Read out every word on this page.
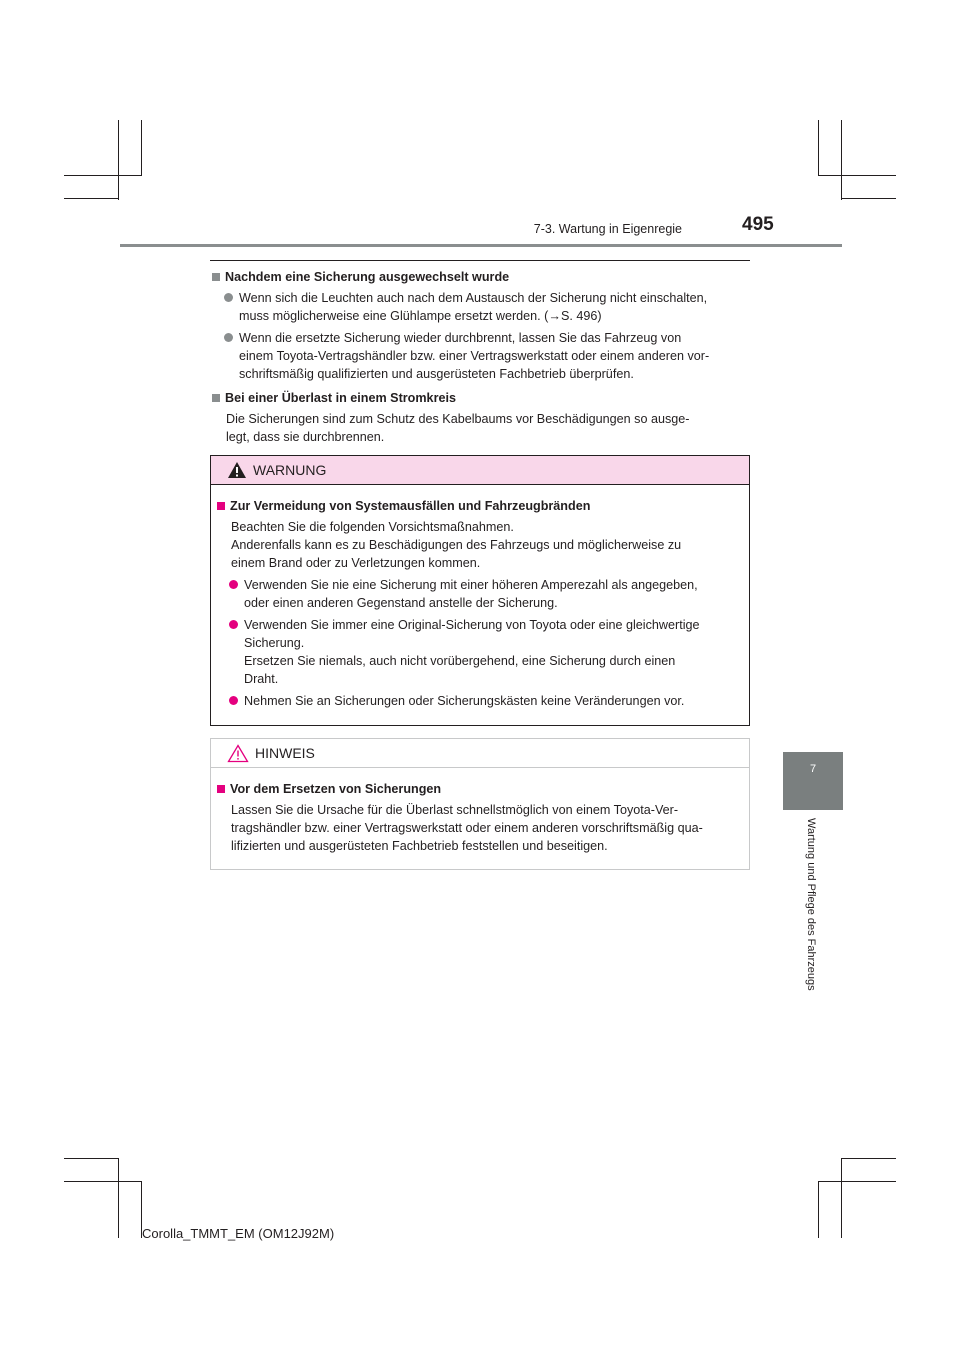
7-3. Wartung in Eigenregie	495
7
Wartung und Pflege des Fahrzeugs
Nachdem eine Sicherung ausgewechselt wurde

Wenn sich die Leuchten auch nach dem Austausch der Sicherung nicht einschalten,
muss möglicherweise eine Glühlampe ersetzt werden. (→S. 496)

Wenn die ersetzte Sicherung wieder durchbrennt, lassen Sie das Fahrzeug von
einem Toyota-Vertragshändler bzw. einer Vertragswerkstatt oder einem anderen vor-
schriftsmäßig qualifizierten und ausgerüsteten Fachbetrieb überprüfen.

Bei einer Überlast in einem Stromkreis
Die Sicherungen sind zum Schutz des Kabelbaums vor Beschädigungen so ausge-
legt, dass sie durchbrennen.
WARNUNG
Zur Vermeidung von Systemausfällen und Fahrzeugbränden
Beachten Sie die folgenden Vorsichtsmaßnahmen.
Anderenfalls kann es zu Beschädigungen des Fahrzeugs und möglicherweise zu
einem Brand oder zu Verletzungen kommen.

Verwenden Sie nie eine Sicherung mit einer höheren Amperezahl als angegeben,
oder einen anderen Gegenstand anstelle der Sicherung.

Verwenden Sie immer eine Original-Sicherung von Toyota oder eine gleichwertige
Sicherung.
Ersetzen Sie niemals, auch nicht vorübergehend, eine Sicherung durch einen
Draht.

Nehmen Sie an Sicherungen oder Sicherungskästen keine Veränderungen vor.

HINWEIS
Vor dem Ersetzen von Sicherungen
Lassen Sie die Ursache für die Überlast schnellstmöglich von einem Toyota-Ver-
tragshändler bzw. einer Vertragswerkstatt oder einem anderen vorschriftsmäßig qua-
lifizierten und ausgerüsteten Fachbetrieb feststellen und beseitigen.
Corolla_TMMT_EM (OM12J92M)
